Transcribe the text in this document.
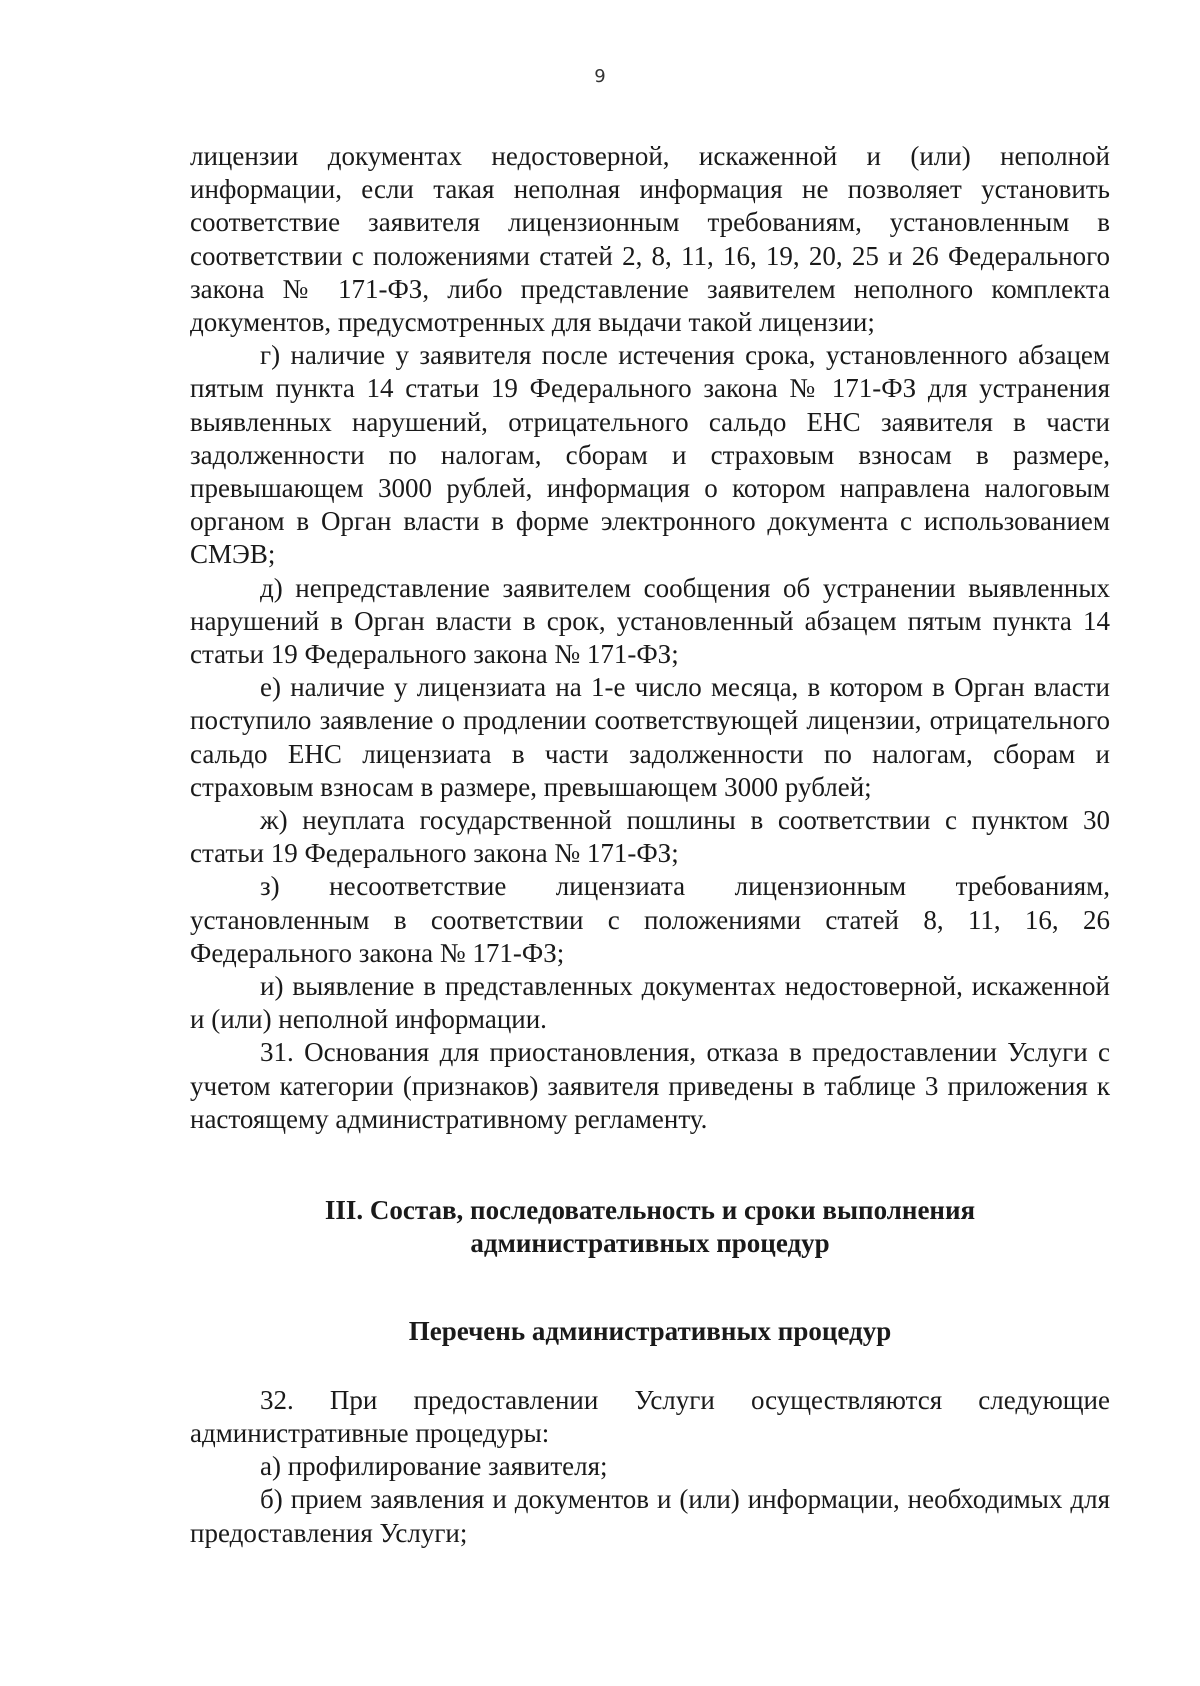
9

лицензии документах недостоверной, искаженной и (или) неполной информации, если такая неполная информация не позволяет установить соответствие заявителя лицензионным требованиям, установленным в соответствии с положениями статей 2, 8, 11, 16, 19, 20, 25 и 26 Федерального закона № 171-ФЗ, либо представление заявителем неполного комплекта документов, предусмотренных для выдачи такой лицензии;

г) наличие у заявителя после истечения срока, установленного абзацем пятым пункта 14 статьи 19 Федерального закона № 171-ФЗ для устранения выявленных нарушений, отрицательного сальдо ЕНС заявителя в части задолженности по налогам, сборам и страховым взносам в размере, превышающем 3000 рублей, информация о котором направлена налоговым органом в Орган власти в форме электронного документа с использованием СМЭВ;

д) непредставление заявителем сообщения об устранении выявленных нарушений в Орган власти в срок, установленный абзацем пятым пункта 14 статьи 19 Федерального закона № 171-ФЗ;

е) наличие у лицензиата на 1-е число месяца, в котором в Орган власти поступило заявление о продлении соответствующей лицензии, отрицательного сальдо ЕНС лицензиата в части задолженности по налогам, сборам и страховым взносам в размере, превышающем 3000 рублей;

ж) неуплата государственной пошлины в соответствии с пунктом 30 статьи 19 Федерального закона № 171-ФЗ;

з) несоответствие лицензиата лицензионным требованиям, установленным в соответствии с положениями статей 8, 11, 16, 26 Федерального закона № 171-ФЗ;

и) выявление в представленных документах недостоверной, искаженной и (или) неполной информации.

31. Основания для приостановления, отказа в предоставлении Услуги с учетом категории (признаков) заявителя приведены в таблице 3 приложения к настоящему административному регламенту.

III. Состав, последовательность и сроки выполнения
административных процедур
Перечень административных процедур

32. При предоставлении Услуги осуществляются следующие административные процедуры:

а) профилирование заявителя;

б) прием заявления и документов и (или) информации, необходимых для предоставления Услуги;
